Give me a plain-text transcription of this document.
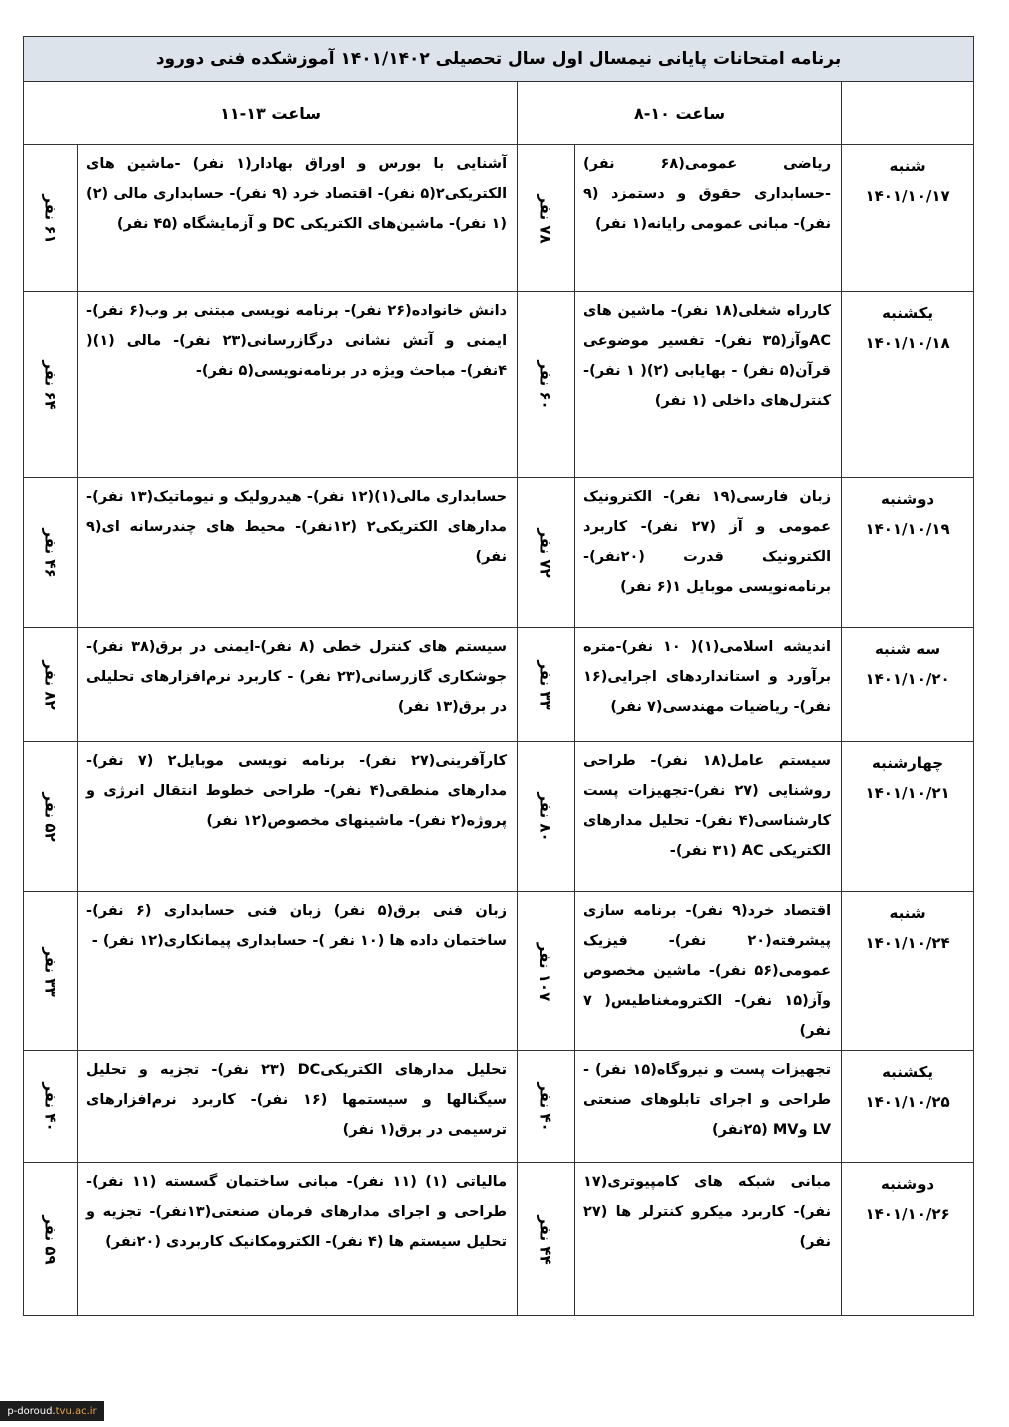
برنامه امتحانات پایانی نیمسال اول سال تحصیلی ۱۴۰۱/۱۴۰۲ آموزشکده فنی دورود				
	ساعت ۱۰-۸		ساعت ۱۳-۱۱	

شنبه
۱۴۰۱/۱۰/۱۷	ریاضی عمومی(۶۸ نفر) -حسابداری حقوق و دستمزد (۹ نفر)- مبانی عمومی رایانه(۱ نفر)	۷۸ نفر	آشنایی با بورس و اوراق بهادار(۱ نفر) -ماشین های الکتریکی۲(۵ نفر)- اقتصاد خرد (۹ نفر)- حسابداری مالی (۲) (۱ نفر)- ماشین‌های الکتریکی DC و آزمایشگاه (۴۵ نفر)	۶۱ نفر

یکشنبه
۱۴۰۱/۱۰/۱۸	کارراه شغلی(۱۸ نفر)- ماشین های ACوآز(۳۵ نفر)- تفسیر موضوعی قرآن(۵ نفر) - بهایابی (۲)( ۱ نفر)- کنترل‌های داخلی (۱ نفر)	۶۰ نفر	دانش خانواده(۲۶ نفر)- برنامه نویسی مبتنی بر وب(۶ نفر)- ایمنی و آتش نشانی درگازرسانی(۲۳ نفر)- مالی (۱)( ۴نفر)- مباحث ویژه در برنامه‌نویسی(۵ نفر)-	۶۴ نفر

دوشنبه
۱۴۰۱/۱۰/۱۹	زبان فارسی(۱۹ نفر)- الکترونیک عمومی و آز (۲۷ نفر)- کاربرد الکترونیک قدرت (۲۰نفر)- برنامه‌نویسی موبایل ۱(۶ نفر)	۷۲ نفر	حسابداری مالی(۱)(۱۲ نفر)- هیدرولیک و نیوماتیک(۱۳ نفر)- مدارهای الکتریکی۲ (۱۲نفر)- محیط های چندرسانه ای(۹ نفر)	۴۶ نفر

سه شنبه
۱۴۰۱/۱۰/۲۰	اندیشه اسلامی(۱)( ۱۰ نفر)-متره برآورد و استانداردهای اجرایی(۱۶ نفر)- ریاضیات مهندسی(۷ نفر)	۳۳ نفر	سیستم های کنترل خطی (۸ نفر)-ایمنی در برق(۳۸ نفر)- جوشکاری گازرسانی(۲۳ نفر) - کاربرد نرم‌افزارهای تحلیلی در برق(۱۳ نفر)	۸۲ نفر

چهارشنبه
۱۴۰۱/۱۰/۲۱	سیستم عامل(۱۸ نفر)- طراحی روشنایی (۲۷ نفر)-تجهیزات پست کارشناسی(۴ نفر)- تحلیل مدارهای الکتریکی AC (۳۱ نفر)-	۸۰ نفر	کارآفرینی(۲۷ نفر)- برنامه نویسی موبایل۲ (۷ نفر)- مدارهای منطقی(۴ نفر)- طراحی خطوط انتقال انرژی و پروژه(۲ نفر)- ماشینهای مخصوص(۱۲ نفر)	۵۲ نفر

شنبه
۱۴۰۱/۱۰/۲۴	اقتصاد خرد(۹ نفر)- برنامه سازی پیشرفته(۲۰ نفر)- فیزیک عمومی(۵۶ نفر)- ماشین مخصوص وآز(۱۵ نفر)- الکترومغناطیس( ۷ نفر)	۱۰۷ نفر	زبان فنی برق(۵ نفر) زبان فنی حسابداری (۶ نفر)- ساختمان داده ها (۱۰ نفر )- حسابداری پیمانکاری(۱۲ نفر) -	۳۳ نفر

یکشنبه
۱۴۰۱/۱۰/۲۵	تجهیزات پست و نیروگاه(۱۵ نفر) - طراحی و اجرای تابلوهای صنعتی LV وMV (۲۵نفر)	۴۰ نفر	تحلیل مدارهای الکتریکیDC (۲۳ نفر)- تجزیه و تحلیل سیگنالها و سیستمها (۱۶ نفر)- کاربرد نرم‌افزارهای ترسیمی در برق(۱ نفر)	۴۰ نفر

دوشنبه
۱۴۰۱/۱۰/۲۶	مبانی شبکه های کامپیوتری(۱۷ نفر)- کاربرد میکرو کنترلر ها (۲۷ نفر)	۴۴ نفر	مالیاتی (۱) (۱۱ نفر)- مبانی ساختمان گسسته (۱۱ نفر)- طراحی و اجرای مدارهای فرمان صنعتی(۱۳نفر)- تجزیه و تحلیل سیستم ها (۴ نفر)- الکترومکانیک کاربردی (۲۰نفر)	۵۹ نفر
p-doroud. tvu.ac.ir
